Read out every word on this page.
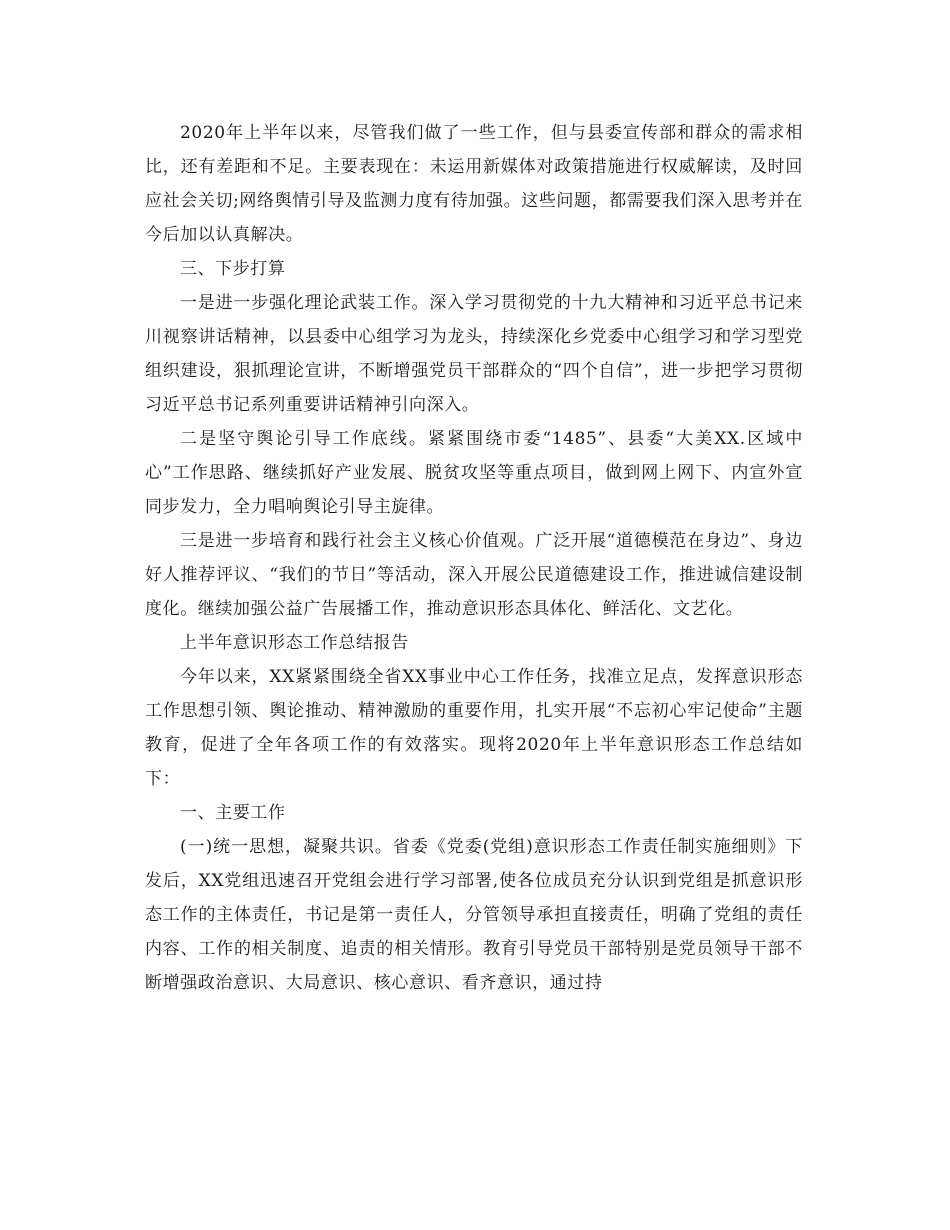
2020年上半年以来，尽管我们做了一些工作，但与县委宣传部和群众的需求相比，还有差距和不足。主要表现在：未运用新媒体对政策措施进行权威解读，及时回应社会关切;网络舆情引导及监测力度有待加强。这些问题，都需要我们深入思考并在今后加以认真解决。

三、下步打算

一是进一步强化理论武装工作。深入学习贯彻党的十九大精神和习近平总书记来川视察讲话精神，以县委中心组学习为龙头，持续深化乡党委中心组学习和学习型党组织建设，狠抓理论宣讲，不断增强党员干部群众的“四个自信”，进一步把学习贯彻习近平总书记系列重要讲话精神引向深入。

二是坚守舆论引导工作底线。紧紧围绕市委“1485”、县委“大美XX.区域中心”工作思路、继续抓好产业发展、脱贫攻坚等重点项目，做到网上网下、内宣外宣同步发力，全力唱响舆论引导主旋律。

三是进一步培育和践行社会主义核心价值观。广泛开展“道德模范在身边”、身边好人推荐评议、“我们的节日”等活动，深入开展公民道德建设工作，推进诚信建设制度化。继续加强公益广告展播工作，推动意识形态具体化、鲜活化、文艺化。

上半年意识形态工作总结报告

今年以来，XX紧紧围绕全省XX事业中心工作任务，找准立足点，发挥意识形态工作思想引领、舆论推动、精神激励的重要作用，扎实开展“不忘初心牢记使命”主题教育，促进了全年各项工作的有效落实。现将2020年上半年意识形态工作总结如下：

一、主要工作

(一)统一思想，凝聚共识。省委《党委(党组)意识形态工作责任制实施细则》下发后，XX党组迅速召开党组会进行学习部署,使各位成员充分认识到党组是抓意识形态工作的主体责任，书记是第一责任人，分管领导承担直接责任，明确了党组的责任内容、工作的相关制度、追责的相关情形。教育引导党员干部特别是党员领导干部不断增强政治意识、大局意识、核心意识、看齐意识，通过持
